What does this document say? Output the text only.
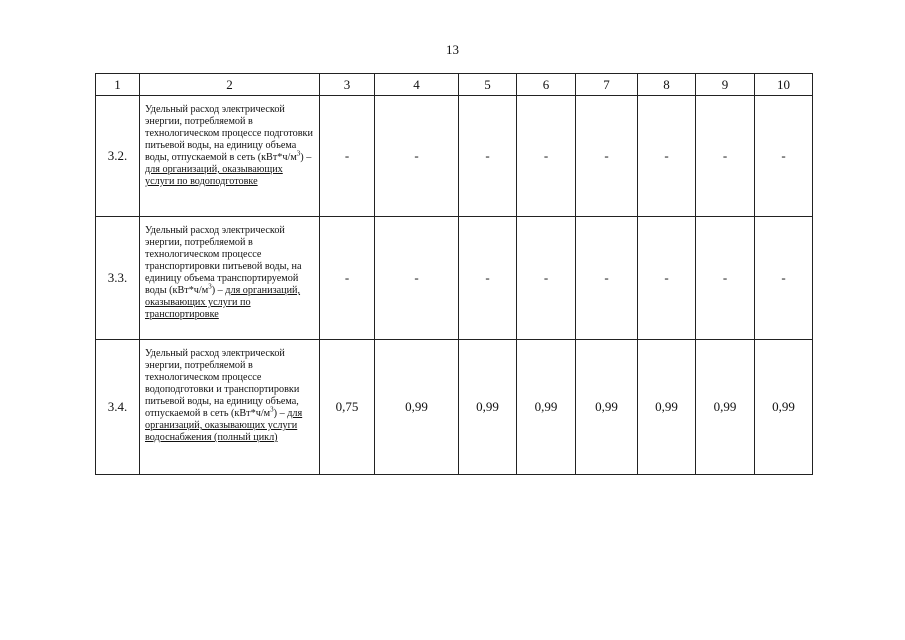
13
1	2	3	4	5	6	7	8	9	10
3.2.	Удельный расход электрической энергии, потребляемой в технологическом процессе подготовки питьевой воды, на единицу объема воды, отпускаемой в сеть $(кВт*ч/м^3)$ – для организаций, оказывающих услуги по водоподготовке	-	-	-	-	-	-	-	-
3.3.	Удельный расход электрической энергии, потребляемой в технологическом процессе транспортировки питьевой воды, на единицу объема транспортируемой воды $(кВт*ч/м^3)$ – для организаций, оказывающих услуги по транспортировке	-	-	-	-	-	-	-	-
3.4.	Удельный расход электрической энергии, потребляемой в технологическом процессе водоподготовки и транспортировки питьевой воды, на единицу объема, отпускаемой в сеть $(кВт*ч/м^3)$ – для организаций, оказывающих услуги водоснабжения (полный цикл)	0,75	0,99	0,99	0,99	0,99	0,99	0,99	0,99
